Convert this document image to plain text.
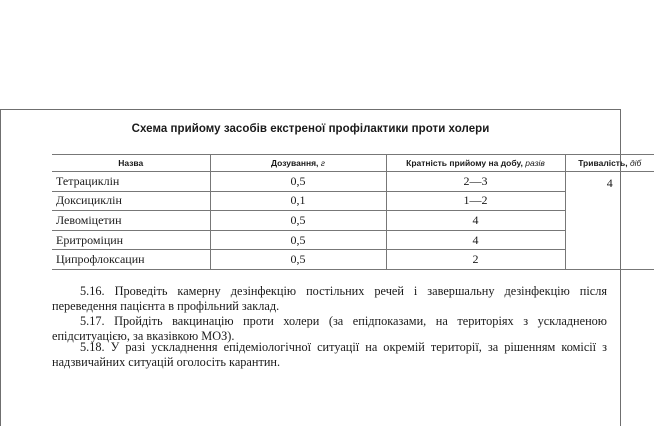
Схема прийому засобів екстреної профілактики проти холери
Назва	Дозування, г	Кратність прийому на добу, разів	Тривалість, діб
Тетрациклін	0,5	2—3	4
Доксициклін	0,1	1—2	
Левоміцетин	0,5	4	
Еритроміцин	0,5	4	
Ципрофлоксацин	0,5	2	

5.16. Проведіть камерну дезінфекцію постільних речей і завершальну дезінфекцію після переведення пацієнта в профільний заклад.

5.17. Пройдіть вакцинацію проти холери (за епідпоказами, на територіях з ускладненою епідситуацією, за вказівкою МОЗ).

5.18. У разі ускладнення епідеміологічної ситуації на окремій території, за рішенням комісії з надзвичайних ситуацій оголосіть карантин.
